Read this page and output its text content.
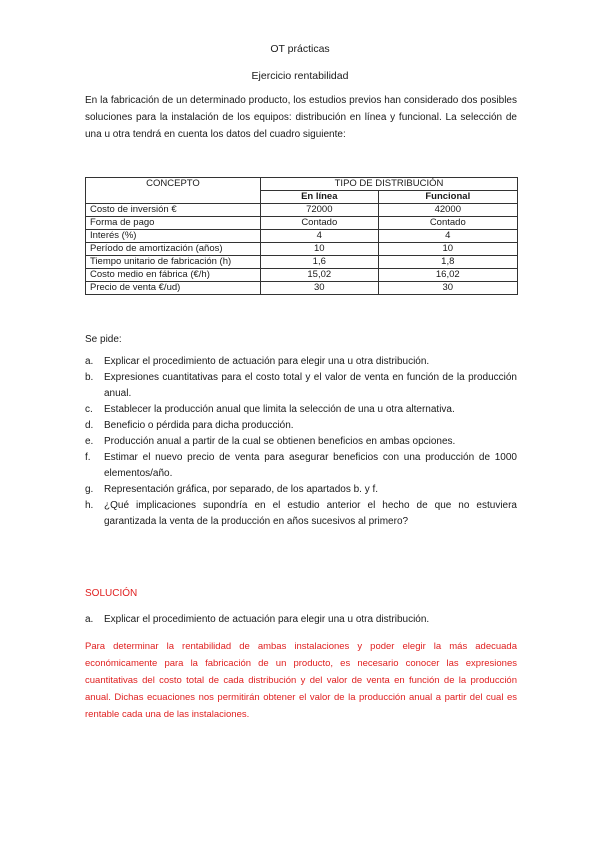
OT prácticas
Ejercicio rentabilidad
En la fabricación de un determinado producto, los estudios previos han considerado dos posibles soluciones para la instalación de los equipos: distribución en línea y funcional. La selección de una u otra tendrá en cuenta los datos del cuadro siguiente:
CONCEPTO	TIPO DE DISTRIBUCIÓN	
	En línea	Funcional
Costo de inversión €	72000	42000
Forma de pago	Contado	Contado
Interés (%)	4	4
Período de amortización (años)	10	10
Tiempo unitario de fabricación (h)	1,6	1,8
Costo medio en fábrica (€/h)	15,02	16,02
Precio de venta €/ud)	30	30
Se pide:
a. Explicar el procedimiento de actuación para elegir una u otra distribución.
b. Expresiones cuantitativas para el costo total y el valor de venta en función de la producción anual.
c. Establecer la producción anual que limita la selección de una u otra alternativa.
d. Beneficio o pérdida para dicha producción.
e. Producción anual a partir de la cual se obtienen beneficios en ambas opciones.
f. Estimar el nuevo precio de venta para asegurar beneficios con una producción de 1000 elementos/año.
g. Representación gráfica, por separado, de los apartados b. y f.
h. ¿Qué implicaciones supondría en el estudio anterior el hecho de que no estuviera garantizada la venta de la producción en años sucesivos al primero?
SOLUCIÓN
a. Explicar el procedimiento de actuación para elegir una u otra distribución.
Para determinar la rentabilidad de ambas instalaciones y poder elegir la más adecuada económicamente para la fabricación de un producto, es necesario conocer las expresiones cuantitativas del costo total de cada distribución y del valor de venta en función de la producción anual. Dichas ecuaciones nos permitirán obtener el valor de la producción anual a partir del cual es rentable cada una de las instalaciones.
